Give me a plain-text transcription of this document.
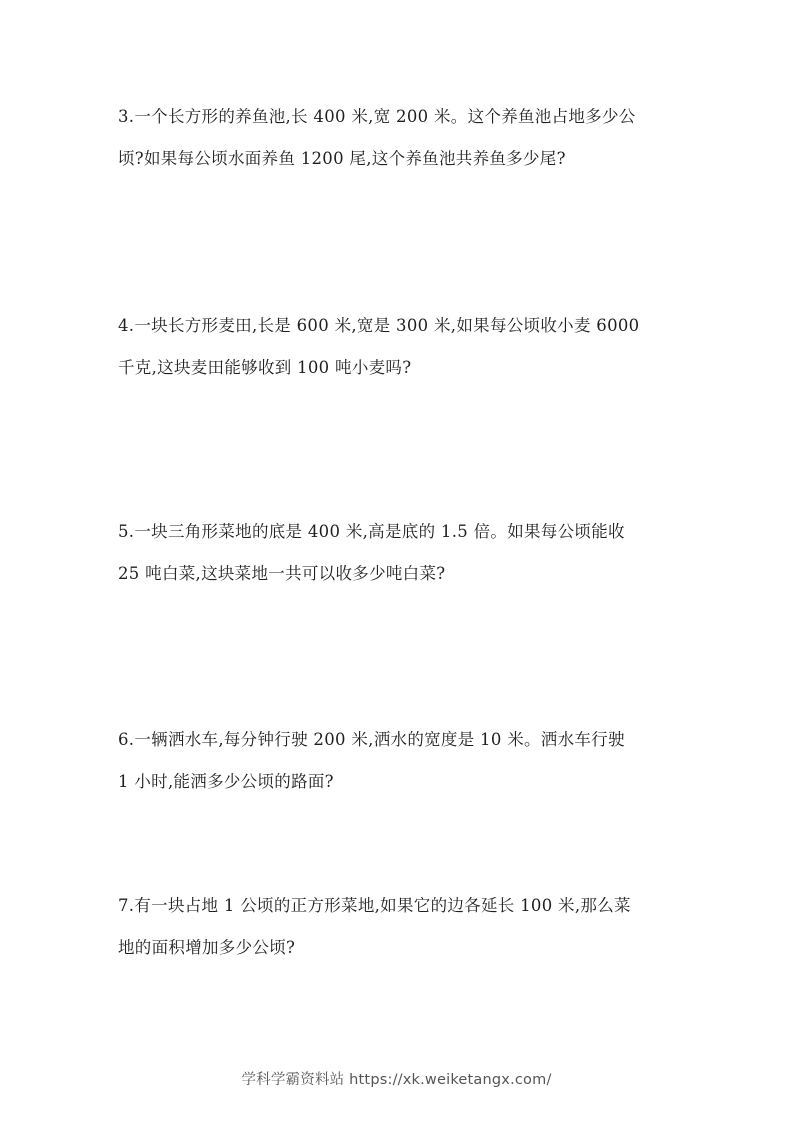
3.一个长方形的养鱼池,长 400 米,宽 200 米。这个养鱼池占地多少公
顷?如果每公顷水面养鱼 1200 尾,这个养鱼池共养鱼多少尾?
4.一块长方形麦田,长是 600 米,宽是 300 米,如果每公顷收小麦 6000
千克,这块麦田能够收到 100 吨小麦吗?
5.一块三角形菜地的底是 400 米,高是底的 1.5 倍。如果每公顷能收
25 吨白菜,这块菜地一共可以收多少吨白菜?
6.一辆洒水车,每分钟行驶 200 米,洒水的宽度是 10 米。洒水车行驶
1 小时,能洒多少公顷的路面?
7.有一块占地 1 公顷的正方形菜地,如果它的边各延长 100 米,那么菜
地的面积增加多少公顷?
学科学霸资料站 https://xk.weiketangx.com/
